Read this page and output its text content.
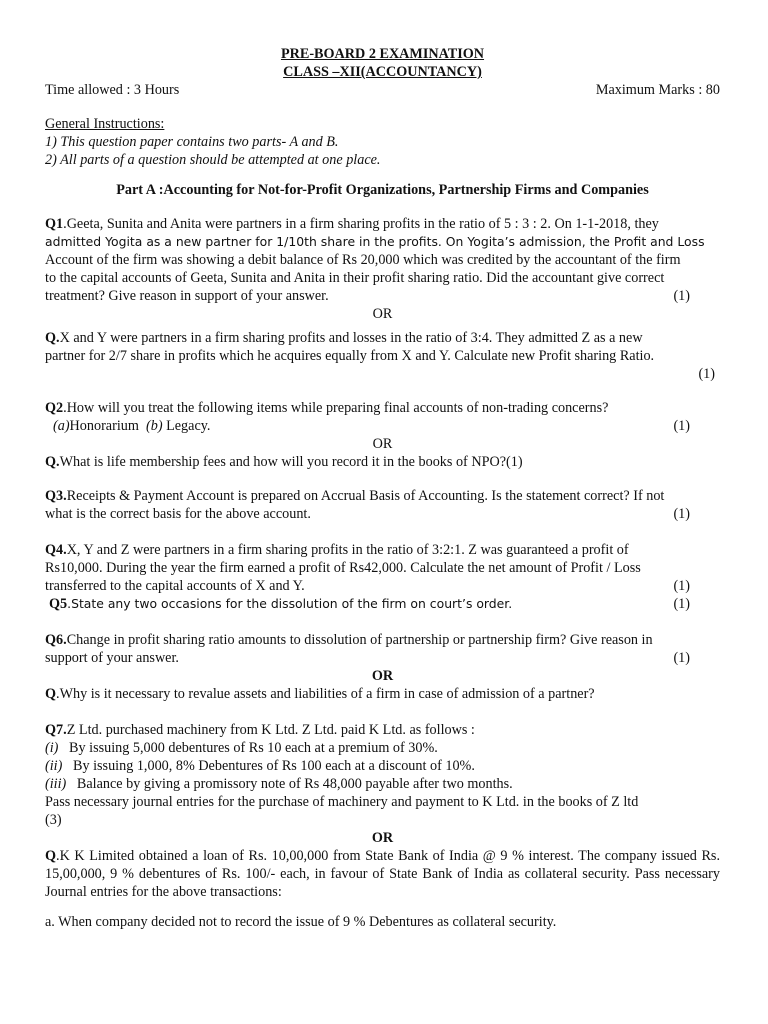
PRE-BOARD 2 EXAMINATION
CLASS –XII(ACCOUNTANCY)
Time allowed : 3 Hours	Maximum Marks : 80
General Instructions:
1) This question paper contains two parts- A and B.
2) All parts of a question should be attempted at one place.
Part A :Accounting for Not-for-Profit Organizations, Partnership Firms and Companies
Q1.Geeta, Sunita and Anita were partners in a firm sharing profits in the ratio of 5 : 3 : 2. On 1-1-2018, they
admitted Yogita as a new partner for 1/10th share in the profits. On Yogita’s admission, the Profit and Loss
Account of the firm was showing a debit balance of Rs 20,000 which was credited by the accountant of the firm
to the capital accounts of Geeta, Sunita and Anita in their profit sharing ratio. Did the accountant give correct
treatment? Give reason in support of your answer.	(1)
OR
Q.X and Y were partners in a firm sharing profits and losses in the ratio of 3:4. They admitted Z as a new
partner for 2/7 share in profits which he acquires equally from X and Y. Calculate new Profit sharing Ratio.
(1)
Q2.How will you treat the following items while preparing final accounts of non-trading concerns?
(a)Honorarium (b) Legacy.	(1)
OR
Q.What is life membership fees and how will you record it in the books of NPO?(1)
Q3.Receipts & Payment Account is prepared on Accrual Basis of Accounting. Is the statement correct? If not
what is the correct basis for the above account.	(1)
Q4.X, Y and Z were partners in a firm sharing profits in the ratio of 3:2:1. Z was guaranteed a profit of
Rs10,000. During the year the firm earned a profit of Rs42,000. Calculate the net amount of Profit / Loss
transferred to the capital accounts of X and Y.	(1)
Q5.State any two occasions for the dissolution of the firm on court’s order.	(1)
Q6.Change in profit sharing ratio amounts to dissolution of partnership or partnership firm? Give reason in
support of your answer.	(1)
OR
Q.Why is it necessary to revalue assets and liabilities of a firm in case of admission of a partner?
Q7.Z Ltd. purchased machinery from K Ltd. Z Ltd. paid K Ltd. as follows :
(i)   By issuing 5,000 debentures of Rs 10 each at a premium of 30%.
(ii)   By issuing 1,000, 8% Debentures of Rs 100 each at a discount of 10%.
(iii)   Balance by giving a promissory note of Rs 48,000 payable after two months.
Pass necessary journal entries for the purchase of machinery and payment to K Ltd. in the books of Z ltd
(3)
OR
Q.K K Limited obtained a loan of Rs. 10,00,000 from State Bank of India @ 9 % interest. The company issued Rs. 15,00,000, 9 % debentures of Rs. 100/- each, in favour of State Bank of India as collateral security. Pass necessary Journal entries for the above transactions:
a. When company decided not to record the issue of 9 % Debentures as collateral security.
